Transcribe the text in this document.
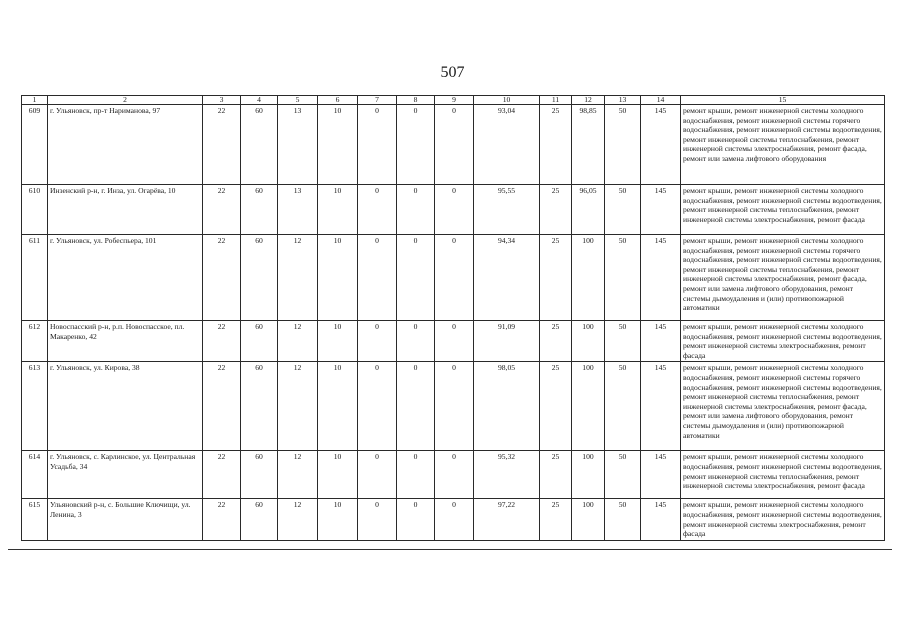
507
1	2	3	4	5	6	7	8	9	10	11	12	13	14	15
609	г. Ульяновск, пр-т Нариманова, 97	22	60	13	10	0	0	0	93,04	25	98,85	50	145	ремонт крыши, ремонт инженерной системы холодного водоснабжения, ремонт инженерной системы горячего водоснабжения, ремонт инженерной системы водоотведения, ремонт инженерной системы теплоснабжения, ремонт инженерной системы электроснабжения, ремонт фасада, ремонт или замена лифтового оборудования
610	Инзенский р-н, г. Инза, ул. Огарёва, 10	22	60	13	10	0	0	0	95,55	25	96,05	50	145	ремонт крыши, ремонт инженерной системы холодного водоснабжения, ремонт инженерной системы водоотведения, ремонт инженерной системы теплоснабжения, ремонт инженерной системы электроснабжения, ремонт фасада
611	г. Ульяновск, ул. Робеспьера, 101	22	60	12	10	0	0	0	94,34	25	100	50	145	ремонт крыши, ремонт инженерной системы холодного водоснабжения, ремонт инженерной системы горячего водоснабжения, ремонт инженерной системы водоотведения, ремонт инженерной системы теплоснабжения, ремонт инженерной системы электроснабжения, ремонт фасада, ремонт или замена лифтового оборудования, ремонт системы дымоудаления и (или) противопожарной автоматики
612	Новоспасский р-н, р.п. Новоспасское, пл. Макаренко, 42	22	60	12	10	0	0	0	91,09	25	100	50	145	ремонт крыши, ремонт инженерной системы холодного водоснабжения, ремонт инженерной системы водоотведения, ремонт инженерной системы электроснабжения, ремонт фасада
613	г. Ульяновск, ул. Кирова, 38	22	60	12	10	0	0	0	98,05	25	100	50	145	ремонт крыши, ремонт инженерной системы холодного водоснабжения, ремонт инженерной системы горячего водоснабжения, ремонт инженерной системы водоотведения, ремонт инженерной системы теплоснабжения, ремонт инженерной системы электроснабжения, ремонт фасада, ремонт или замена лифтового оборудования, ремонт системы дымоудаления и (или) противопожарной автоматики
614	г. Ульяновск, с. Карлинское, ул. Центральная Усадьба, 34	22	60	12	10	0	0	0	95,32	25	100	50	145	ремонт крыши, ремонт инженерной системы холодного водоснабжения, ремонт инженерной системы водоотведения, ремонт инженерной системы теплоснабжения, ремонт инженерной системы электроснабжения, ремонт фасада
615	Ульяновский р-н, с. Большие Ключищи, ул. Ленина, 3	22	60	12	10	0	0	0	97,22	25	100	50	145	ремонт крыши, ремонт инженерной системы холодного водоснабжения, ремонт инженерной системы водоотведения, ремонт инженерной системы электроснабжения, ремонт фасада
